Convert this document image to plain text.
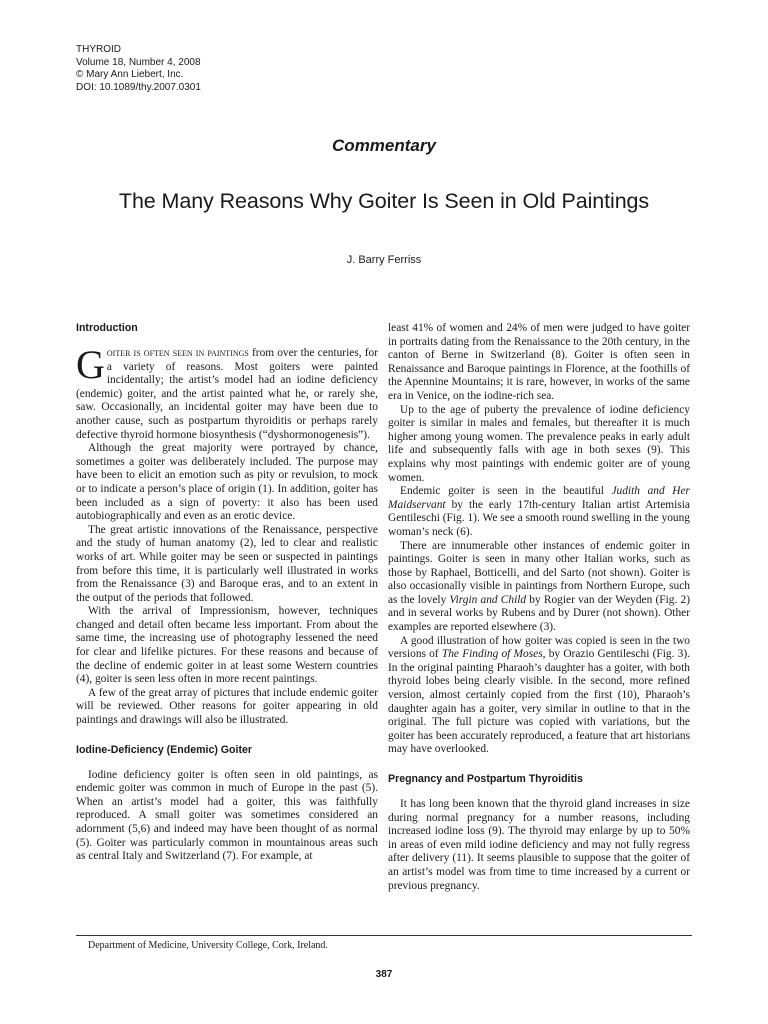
THYROID
Volume 18, Number 4, 2008
© Mary Ann Liebert, Inc.
DOI: 10.1089/thy.2007.0301
Commentary
The Many Reasons Why Goiter Is Seen in Old Paintings
J. Barry Ferriss
Introduction

Goiter is often seen in paintings from over the centuries, for a variety of reasons. Most goiters were painted incidentally; the artist’s model had an iodine deficiency (endemic) goiter, and the artist painted what he, or rarely she, saw. Occasionally, an incidental goiter may have been due to another cause, such as postpartum thyroiditis or perhaps rarely defective thyroid hormone biosynthesis (“dyshormonogenesis”).

Although the great majority were portrayed by chance, sometimes a goiter was deliberately included. The purpose may have been to elicit an emotion such as pity or revulsion, to mock or to indicate a person’s place of origin (1). In addition, goiter has been included as a sign of poverty: it also has been used autobiographically and even as an erotic device.

The great artistic innovations of the Renaissance, perspective and the study of human anatomy (2), led to clear and realistic works of art. While goiter may be seen or suspected in paintings from before this time, it is particularly well illustrated in works from the Renaissance (3) and Baroque eras, and to an extent in the output of the periods that followed.

With the arrival of Impressionism, however, techniques changed and detail often became less important. From about the same time, the increasing use of photography lessened the need for clear and lifelike pictures. For these reasons and because of the decline of endemic goiter in at least some Western countries (4), goiter is seen less often in more recent paintings.

A few of the great array of pictures that include endemic goiter will be reviewed. Other reasons for goiter appearing in old paintings and drawings will also be illustrated.

Iodine-Deficiency (Endemic) Goiter

Iodine deficiency goiter is often seen in old paintings, as endemic goiter was common in much of Europe in the past (5). When an artist’s model had a goiter, this was faithfully reproduced. A small goiter was sometimes considered an adornment (5,6) and indeed may have been thought of as normal (5). Goiter was particularly common in mountainous areas such as central Italy and Switzerland (7). For example, at

least 41% of women and 24% of men were judged to have goiter in portraits dating from the Renaissance to the 20th century, in the canton of Berne in Switzerland (8). Goiter is often seen in Renaissance and Baroque paintings in Florence, at the foothills of the Apennine Mountains; it is rare, however, in works of the same era in Venice, on the iodine-rich sea.

Up to the age of puberty the prevalence of iodine deficiency goiter is similar in males and females, but thereafter it is much higher among young women. The prevalence peaks in early adult life and subsequently falls with age in both sexes (9). This explains why most paintings with endemic goiter are of young women.

Endemic goiter is seen in the beautiful Judith and Her Maidservant by the early 17th-century Italian artist Artemisia Gentileschi (Fig. 1). We see a smooth round swelling in the young woman’s neck (6).

There are innumerable other instances of endemic goiter in paintings. Goiter is seen in many other Italian works, such as those by Raphael, Botticelli, and del Sarto (not shown). Goiter is also occasionally visible in paintings from Northern Europe, such as the lovely Virgin and Child by Rogier van der Weyden (Fig. 2) and in several works by Rubens and by Durer (not shown). Other examples are reported elsewhere (3).

A good illustration of how goiter was copied is seen in the two versions of The Finding of Moses, by Orazio Gentileschi (Fig. 3). In the original painting Pharaoh’s daughter has a goiter, with both thyroid lobes being clearly visible. In the second, more refined version, almost certainly copied from the first (10), Pharaoh’s daughter again has a goiter, very similar in outline to that in the original. The full picture was copied with variations, but the goiter has been accurately reproduced, a feature that art historians may have overlooked.

Pregnancy and Postpartum Thyroiditis

It has long been known that the thyroid gland increases in size during normal pregnancy for a number reasons, including increased iodine loss (9). The thyroid may enlarge by up to 50% in areas of even mild iodine deficiency and may not fully regress after delivery (11). It seems plausible to suppose that the goiter of an artist’s model was from time to time increased by a current or previous pregnancy.

Department of Medicine, University College, Cork, Ireland.
387
